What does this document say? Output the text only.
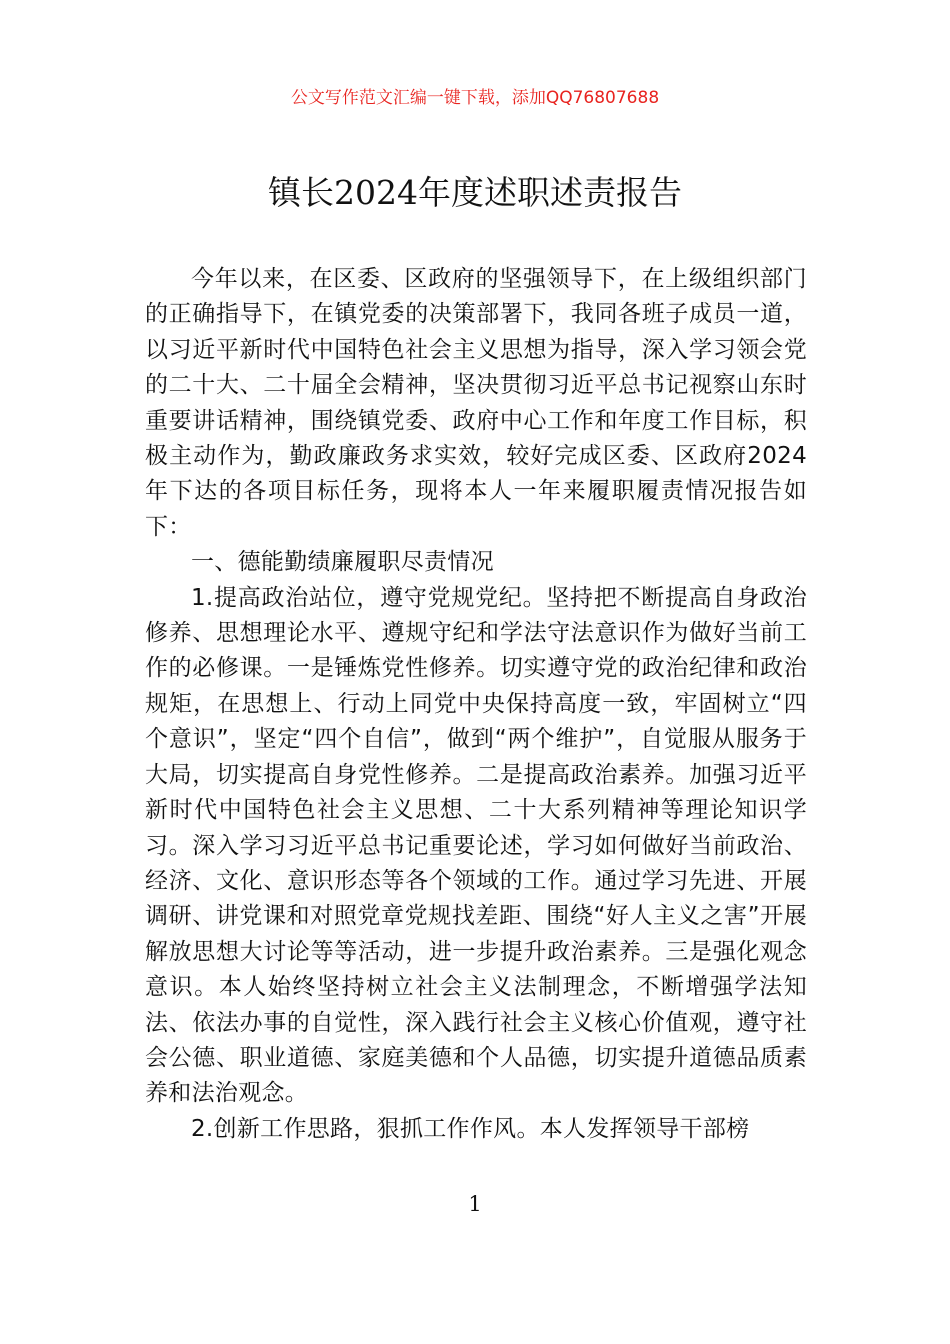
公文写作范文汇编一键下载，添加QQ76807688
镇长2024年度述职述责报告

今年以来，在区委、区政府的坚强领导下，在上级组织部门的正确指导下，在镇党委的决策部署下，我同各班子成员一道，以习近平新时代中国特色社会主义思想为指导，深入学习领会党的二十大、二十届全会精神，坚决贯彻习近平总书记视察山东时重要讲话精神，围绕镇党委、政府中心工作和年度工作目标，积极主动作为，勤政廉政务求实效，较好完成区委、区政府2024年下达的各项目标任务，现将本人一年来履职履责情况报告如下：

一、德能勤绩廉履职尽责情况

1.提高政治站位，遵守党规党纪。坚持把不断提高自身政治修养、思想理论水平、遵规守纪和学法守法意识作为做好当前工作的必修课。一是锤炼党性修养。切实遵守党的政治纪律和政治规矩，在思想上、行动上同党中央保持高度一致，牢固树立“四个意识”，坚定“四个自信”，做到“两个维护”，自觉服从服务于大局，切实提高自身党性修养。二是提高政治素养。加强习近平新时代中国特色社会主义思想、二十大系列精神等理论知识学习。深入学习习近平总书记重要论述，学习如何做好当前政治、经济、文化、意识形态等各个领域的工作。通过学习先进、开展调研、讲党课和对照党章党规找差距、围绕“好人主义之害”开展解放思想大讨论等等活动，进一步提升政治素养。三是强化观念意识。本人始终坚持树立社会主义法制理念，不断增强学法知法、依法办事的自觉性，深入践行社会主义核心价值观，遵守社会公德、职业道德、家庭美德和个人品德，切实提升道德品质素养和法治观念。

2.创新工作思路，狠抓工作作风。本人发挥领导干部榜

1
